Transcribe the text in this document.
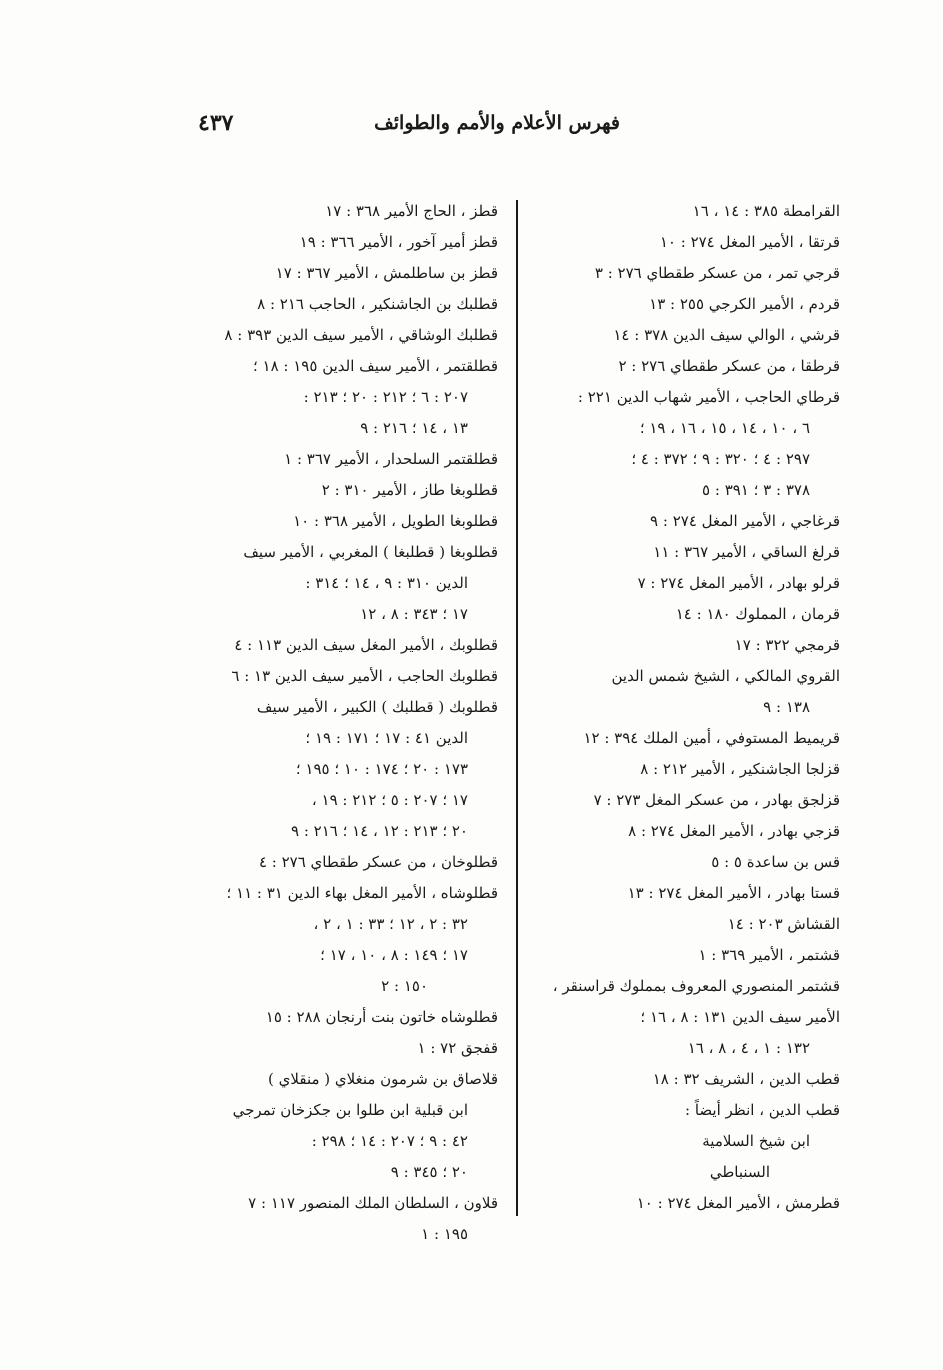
فهرس الأعلام والأمم والطوائف
٤٣٧
القرامطة ٣٨٥ : ١٤ ، ١٦
قرتقا ، الأمير المغل ٢٧٤ : ١٠
قرجي تمر ، من عسكر طقطاي ٢٧٦ : ٣
قردم ، الأمير الكرجي ٢٥٥ : ١٣
قرشي ، الوالي سيف الدين ٣٧٨ : ١٤
قرطقا ، من عسكر طقطاي ٢٧٦ : ٢
قرطاي الحاجب ، الأمير شهاب الدين ٢٢١ :
٦ ، ١٠ ، ١٤ ، ١٥ ، ١٦ ، ١٩ ؛
٢٩٧ : ٤ ؛ ٣٢٠ : ٩ ؛ ٣٧٢ : ٤ ؛
٣٧٨ : ٣ ؛ ٣٩١ : ٥
قرغاجي ، الأمير المغل ٢٧٤ : ٩
قرلغ الساقي ، الأمير ٣٦٧ : ١١
قرلو بهادر ، الأمير المغل ٢٧٤ : ٧
قرمان ، المملوك ١٨٠ : ١٤
قرمجي ٣٢٢ : ١٧
القروي المالكي ، الشيخ شمس الدين
١٣٨ : ٩
قريميط المستوفي ، أمين الملك ٣٩٤ : ١٢
قزلجا الجاشنكير ، الأمير ٢١٢ : ٨
قزلجق بهادر ، من عسكر المغل ٢٧٣ : ٧
قزجي بهادر ، الأمير المغل ٢٧٤ : ٨
قس بن ساعدة ٥ : ٥
قستا بهادر ، الأمير المغل ٢٧٤ : ١٣
القشاش ٢٠٣ : ١٤
قشتمر ، الأمير ٣٦٩ : ١
قشتمر المنصوري المعروف بمملوك قراسنقر ،
الأمير سيف الدين ١٣١ : ٨ ، ١٦ ؛
١٣٢ : ١ ، ٤ ، ٨ ، ١٦
قطب الدين ، الشريف ٣٢ : ١٨
قطب الدين ، انظر أيضاً :
ابن شيخ السلامية
السنباطي
قطرمش ، الأمير المغل ٢٧٤ : ١٠
قطز ، الحاج الأمير ٣٦٨ : ١٧
قطز أمير آخور ، الأمير ٣٦٦ : ١٩
قطز بن ساطلمش ، الأمير ٣٦٧ : ١٧
قطلبك بن الجاشنكير ، الحاجب ٢١٦ : ٨
قطلبك الوشاقي ، الأمير سيف الدين ٣٩٣ : ٨
قطلقتمر ، الأمير سيف الدين ١٩٥ : ١٨ ؛
٢٠٧ : ٦ ؛ ٢١٢ : ٢٠ ؛ ٢١٣ :
١٣ ، ١٤ ؛ ٢١٦ : ٩
قطلقتمر السلحدار ، الأمير ٣٦٧ : ١
قطلوبغا طاز ، الأمير ٣١٠ : ٢
قطلوبغا الطويل ، الأمير ٣٦٨ : ١٠
قطلوبغا ( قطلبغا ) المغربي ، الأمير سيف
الدين ٣١٠ : ٩ ، ١٤ ؛ ٣١٤ :
١٧ ؛ ٣٤٣ : ٨ ، ١٢
قطلوبك ، الأمير المغل سيف الدين ١١٣ : ٤
قطلوبك الحاجب ، الأمير سيف الدين ١٣ : ٦
قطلوبك ( قطلبك ) الكبير ، الأمير سيف
الدين ٤١ : ١٧ ؛ ١٧١ : ١٩ ؛
١٧٣ : ٢٠ ؛ ١٧٤ : ١٠ ؛ ١٩٥ ؛
١٧ ؛ ٢٠٧ : ٥ ؛ ٢١٢ : ١٩ ،
٢٠ ؛ ٢١٣ : ١٢ ، ١٤ ؛ ٢١٦ : ٩
قطلوخان ، من عسكر طقطاي ٢٧٦ : ٤
قطلوشاه ، الأمير المغل بهاء الدين ٣١ : ١١ ؛
٣٢ : ٢ ، ١٢ ؛ ٣٣ : ١ ، ٢ ،
١٧ ؛ ١٤٩ : ٨ ، ١٠ ، ١٧ ؛
١٥٠ : ٢
قطلوشاه خاتون بنت أرنجان ٢٨٨ : ١٥
قفجق ٧٢ : ١
قلاصاق بن شرمون منغلاي ( منقلاي )
ابن قبلية ابن طلوا بن جكزخان تمرجي
٤٢ : ٩ ؛ ٢٠٧ : ١٤ ؛ ٢٩٨ :
٢٠ ؛ ٣٤٥ : ٩
قلاون ، السلطان الملك المنصور ١١٧ : ٧
١٩٥ : ١
